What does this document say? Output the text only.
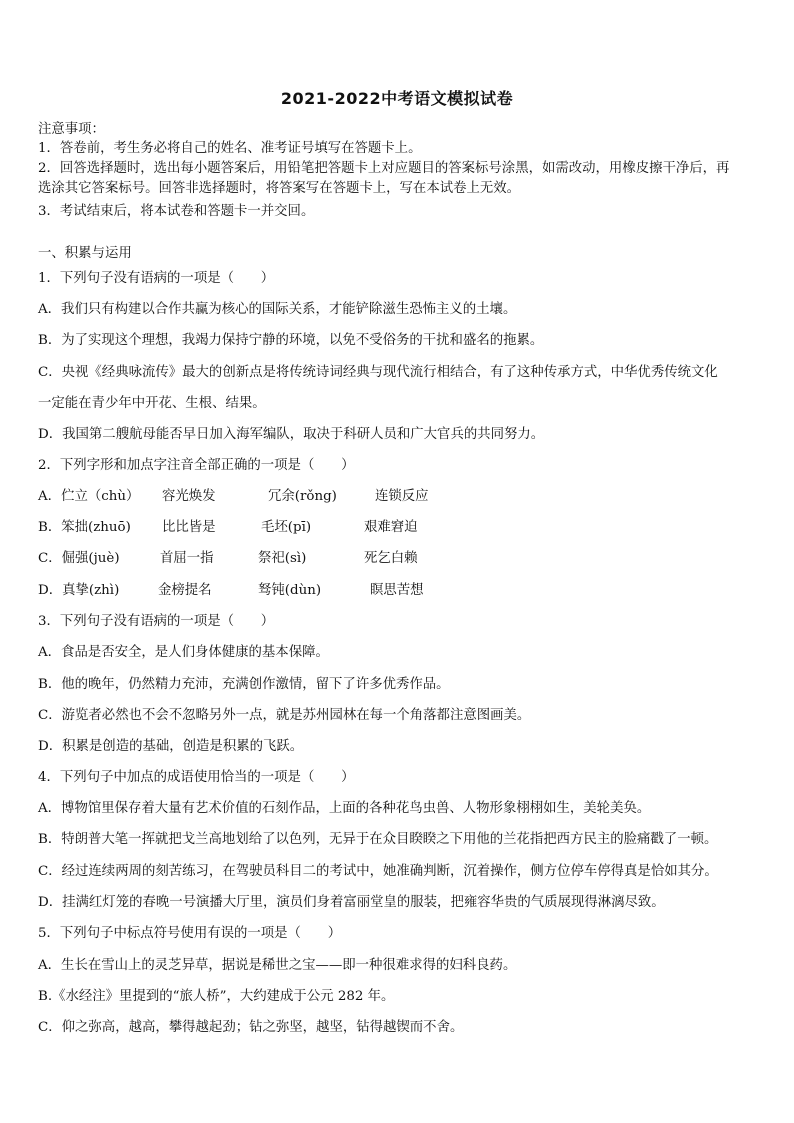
2021-2022中考语文模拟试卷
注意事项：
1．答卷前，考生务必将自己的姓名、准考证号填写在答题卡上。
2．回答选择题时，选出每小题答案后，用铅笔把答题卡上对应题目的答案标号涂黑，如需改动，用橡皮擦干净后，再
选涂其它答案标号。回答非选择题时，将答案写在答题卡上，写在本试卷上无效。
3．考试结束后，将本试卷和答题卡一并交回。
一、积累与运用
1．下列句子没有语病的一项是（　　）
A．我们只有构建以合作共赢为核心的国际关系，才能铲除滋生恐怖主义的土壤。
B．为了实现这个理想，我竭力保持宁静的环境，以免不受俗务的干扰和盛名的拖累。
C．央视《经典咏流传》最大的创新点是将传统诗词经典与现代流行相结合，有了这种传承方式，中华优秀传统文化
一定能在青少年中开花、生根、结果。
D．我国第二艘航母能否早日加入海军编队，取决于科研人员和广大官兵的共同努力。
2．下列字形和加点字注音全部正确的一项是（　　）
A．伫立（chù） 容光焕发	冗余(rǒng)	连锁反应
B．笨拙(zhuō) 比比皆是	毛坯(pī)	艰难窘迫
C．倔强(juè)	首屈一指	祭祀(sì)	死乞白赖
D．真挚(zhì)	金榜提名	驽钝(dùn)	瞑思苦想
3．下列句子没有语病的一项是（　　）
A．食品是否安全，是人们身体健康的基本保障。
B．他的晚年，仍然精力充沛，充满创作激情，留下了许多优秀作品。
C．游览者必然也不会不忽略另外一点，就是苏州园林在每一个角落都注意图画美。
D．积累是创造的基础，创造是积累的飞跃。
4．下列句子中加点的成语使用恰当的一项是（　　）
A．博物馆里保存着大量有艺术价值的石刻作品，上面的各种花鸟虫兽、人物形象栩栩如生，美轮美奂。
B．特朗普大笔一挥就把戈兰高地划给了以色列，无异于在众目睽睽之下用他的兰花指把西方民主的脸痛戳了一顿。
C．经过连续两周的刻苦练习，在驾驶员科目二的考试中，她准确判断，沉着操作，侧方位停车停得真是恰如其分。
D．挂满红灯笼的春晚一号演播大厅里，演员们身着富丽堂皇的服装，把雍容华贵的气质展现得淋漓尽致。
5．下列句子中标点符号使用有误的一项是（　　）
A．生长在雪山上的灵芝异草，据说是稀世之宝——即一种很难求得的妇科良药。
B.《水经注》里提到的“旅人桥”，大约建成于公元 282 年。
C．仰之弥高，越高，攀得越起劲；钻之弥坚，越坚，钻得越锲而不舍。
